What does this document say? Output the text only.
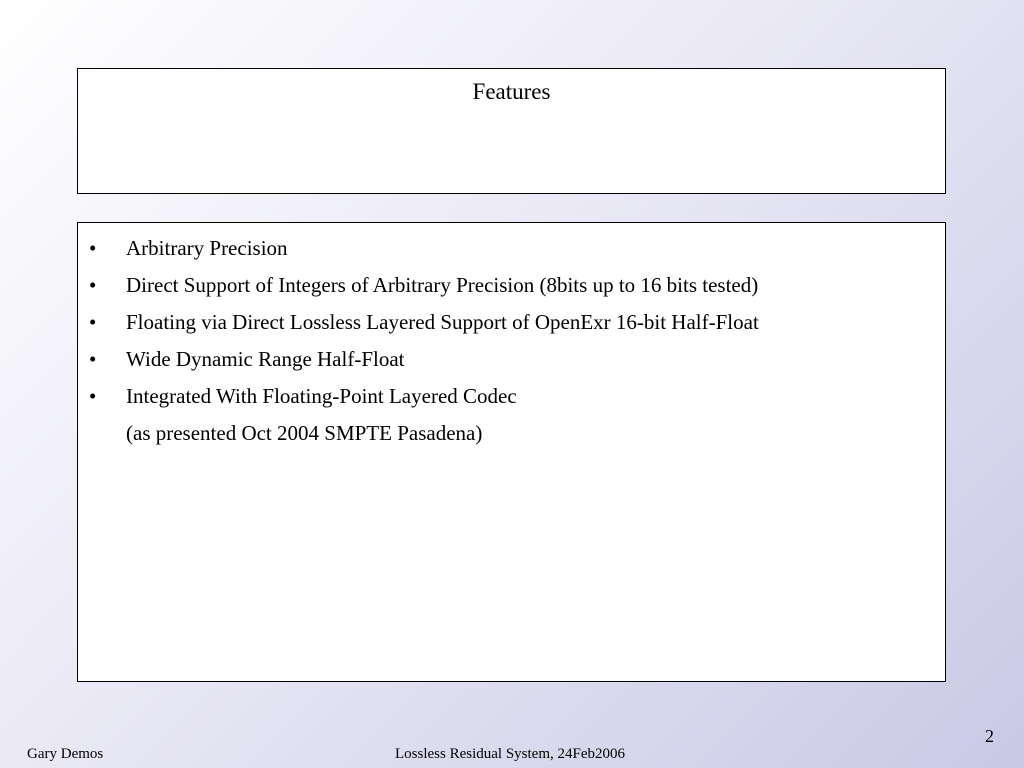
Features
• Arbitrary Precision
• Direct Support of Integers of Arbitrary Precision (8bits up to 16 bits tested)
• Floating via Direct Lossless Layered Support of OpenExr 16-bit Half-Float
• Wide Dynamic Range Half-Float
• Integrated With Floating-Point Layered Codec
(as presented Oct 2004 SMPTE Pasadena)
Gary Demos	Lossless Residual System, 24Feb2006
2
